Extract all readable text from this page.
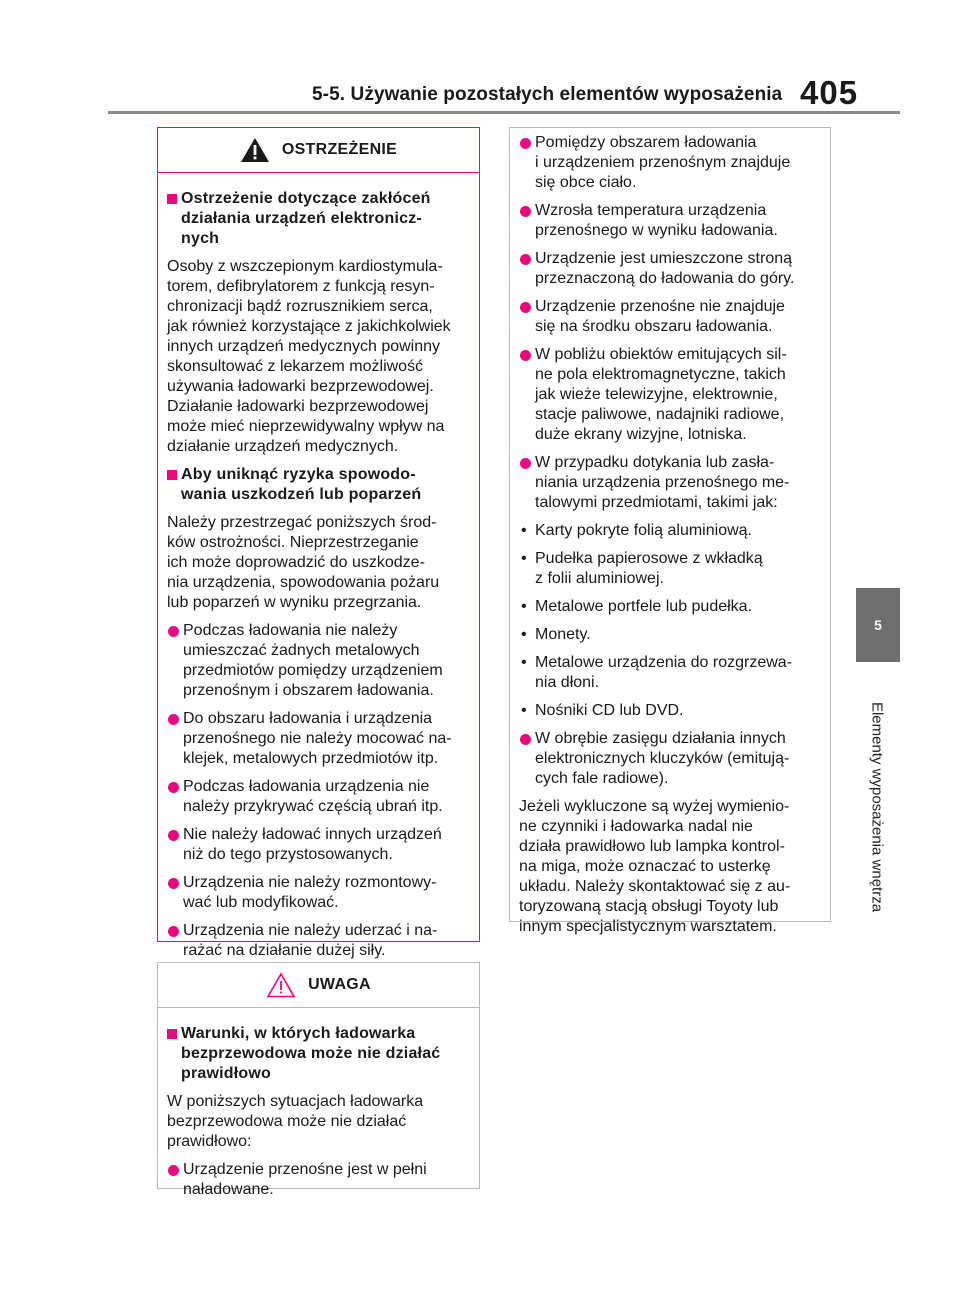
5-5. Używanie pozostałych elementów wyposażenia 405
5
Elementy wyposażenia wnętrza
OSTRZEŻENIE
Ostrzeżenie dotyczące zakłóceń
działania urządzeń elektronicz-
nych
Osoby z wszczepionym kardiostymula-
torem, defibrylatorem z funkcją resyn-
chronizacji bądź rozrusznikiem serca,
jak również korzystające z jakichkolwiek
innych urządzeń medycznych powinny
skonsultować z lekarzem możliwość
używania ładowarki bezprzewodowej.
Działanie ładowarki bezprzewodowej
może mieć nieprzewidywalny wpływ na
działanie urządzeń medycznych.
Aby uniknąć ryzyka spowodo-
wania uszkodzeń lub poparzeń
Należy przestrzegać poniższych środ-
ków ostrożności. Nieprzestrzeganie
ich może doprowadzić do uszkodze-
nia urządzenia, spowodowania pożaru
lub poparzeń w wyniku przegrzania.
Podczas ładowania nie należy
umieszczać żadnych metalowych
przedmiotów pomiędzy urządzeniem
przenośnym i obszarem ładowania.
Do obszaru ładowania i urządzenia
przenośnego nie należy mocować na-
klejek, metalowych przedmiotów itp.
Podczas ładowania urządzenia nie
należy przykrywać częścią ubrań itp.
Nie należy ładować innych urządzeń
niż do tego przystosowanych.
Urządzenia nie należy rozmontowy-
wać lub modyfikować.
Urządzenia nie należy uderzać i na-
rażać na działanie dużej siły.
UWAGA
Warunki, w których ładowarka
bezprzewodowa może nie działać
prawidłowo
W poniższych sytuacjach ładowarka
bezprzewodowa może nie działać
prawidłowo:
Urządzenie przenośne jest w pełni
naładowane.
Pomiędzy obszarem ładowania
i urządzeniem przenośnym znajduje
się obce ciało.
Wzrosła temperatura urządzenia
przenośnego w wyniku ładowania.
Urządzenie jest umieszczone stroną
przeznaczoną do ładowania do góry.
Urządzenie przenośne nie znajduje
się na środku obszaru ładowania.
W pobliżu obiektów emitujących sil-
ne pola elektromagnetyczne, takich
jak wieże telewizyjne, elektrownie,
stacje paliwowe, nadajniki radiowe,
duże ekrany wizyjne, lotniska.
W przypadku dotykania lub zasła-
niania urządzenia przenośnego me-
talowymi przedmiotami, takimi jak:
• Karty pokryte folią aluminiową.
• Pudełka papierosowe z wkładką
z folii aluminiowej.
• Metalowe portfele lub pudełka.
• Monety.
• Metalowe urządzenia do rozgrzewa-
nia dłoni.
• Nośniki CD lub DVD.
W obrębie zasięgu działania innych
elektronicznych kluczyków (emitują-
cych fale radiowe).
Jeżeli wykluczone są wyżej wymienio-
ne czynniki i ładowarka nadal nie
działa prawidłowo lub lampka kontrol-
na miga, może oznaczać to usterkę
układu. Należy skontaktować się z au-
toryzowaną stacją obsługi Toyoty lub
innym specjalistycznym warsztatem.
